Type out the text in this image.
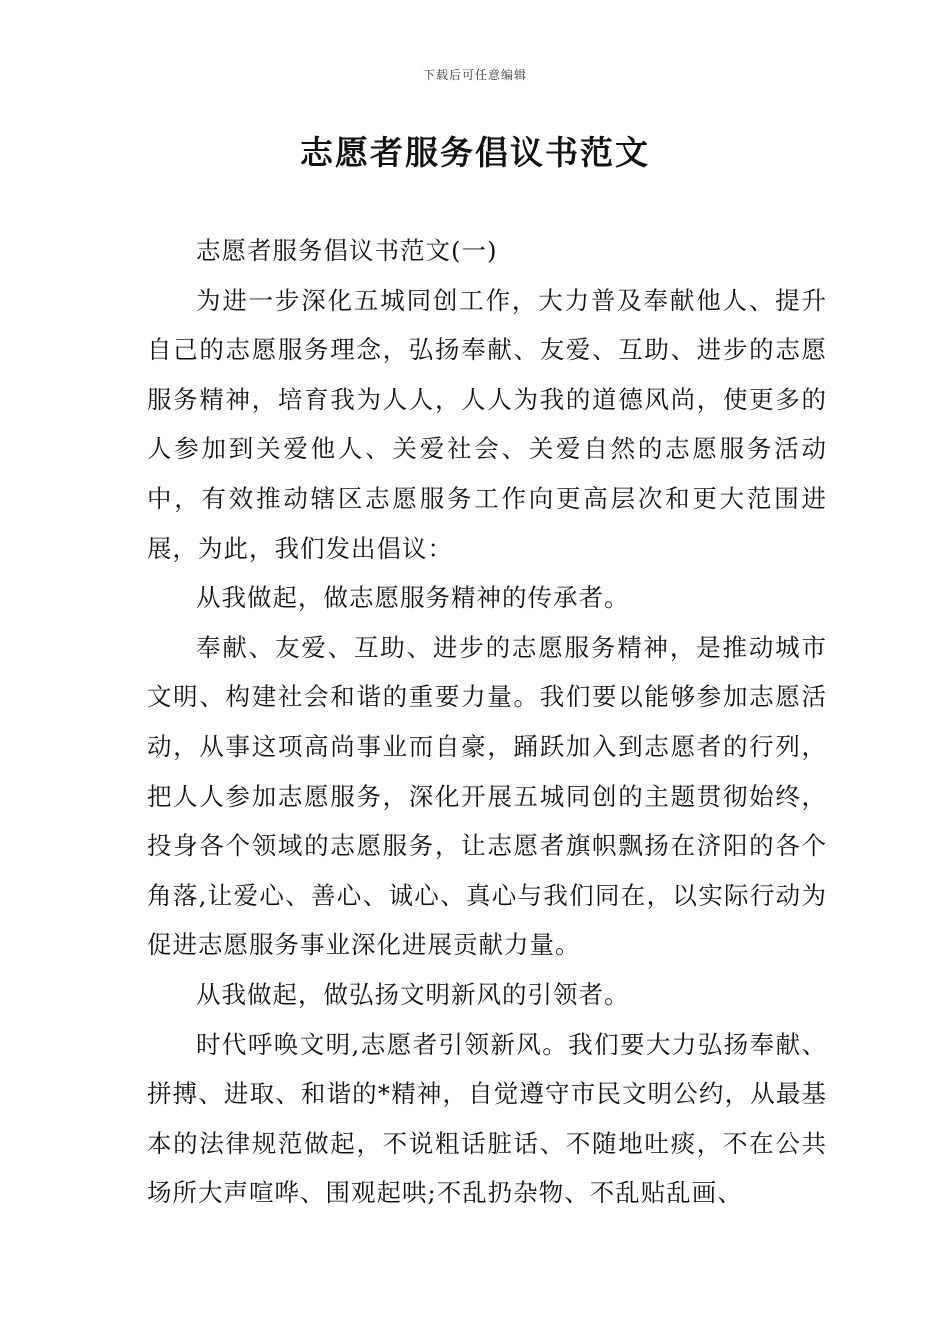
下载后可任意编辑
志愿者服务倡议书范文

志愿者服务倡议书范文(一)

为进一步深化五城同创工作，大力普及奉献他人、提升自己的志愿服务理念，弘扬奉献、友爱、互助、进步的志愿服务精神，培育我为人人，人人为我的道德风尚，使更多的人参加到关爱他人、关爱社会、关爱自然的志愿服务活动中，有效推动辖区志愿服务工作向更高层次和更大范围进展，为此，我们发出倡议：

从我做起，做志愿服务精神的传承者。

奉献、友爱、互助、进步的志愿服务精神，是推动城市文明、构建社会和谐的重要力量。我们要以能够参加志愿活动，从事这项高尚事业而自豪，踊跃加入到志愿者的行列，把人人参加志愿服务，深化开展五城同创的主题贯彻始终，投身各个领域的志愿服务，让志愿者旗帜飘扬在济阳的各个角落,让爱心、善心、诚心、真心与我们同在，以实际行动为促进志愿服务事业深化进展贡献力量。

从我做起，做弘扬文明新风的引领者。

时代呼唤文明,志愿者引领新风。我们要大力弘扬奉献、拼搏、进取、和谐的*精神，自觉遵守市民文明公约，从最基本的法律规范做起，不说粗话脏话、不随地吐痰，不在公共场所大声喧哗、围观起哄;不乱扔杂物、不乱贴乱画、
